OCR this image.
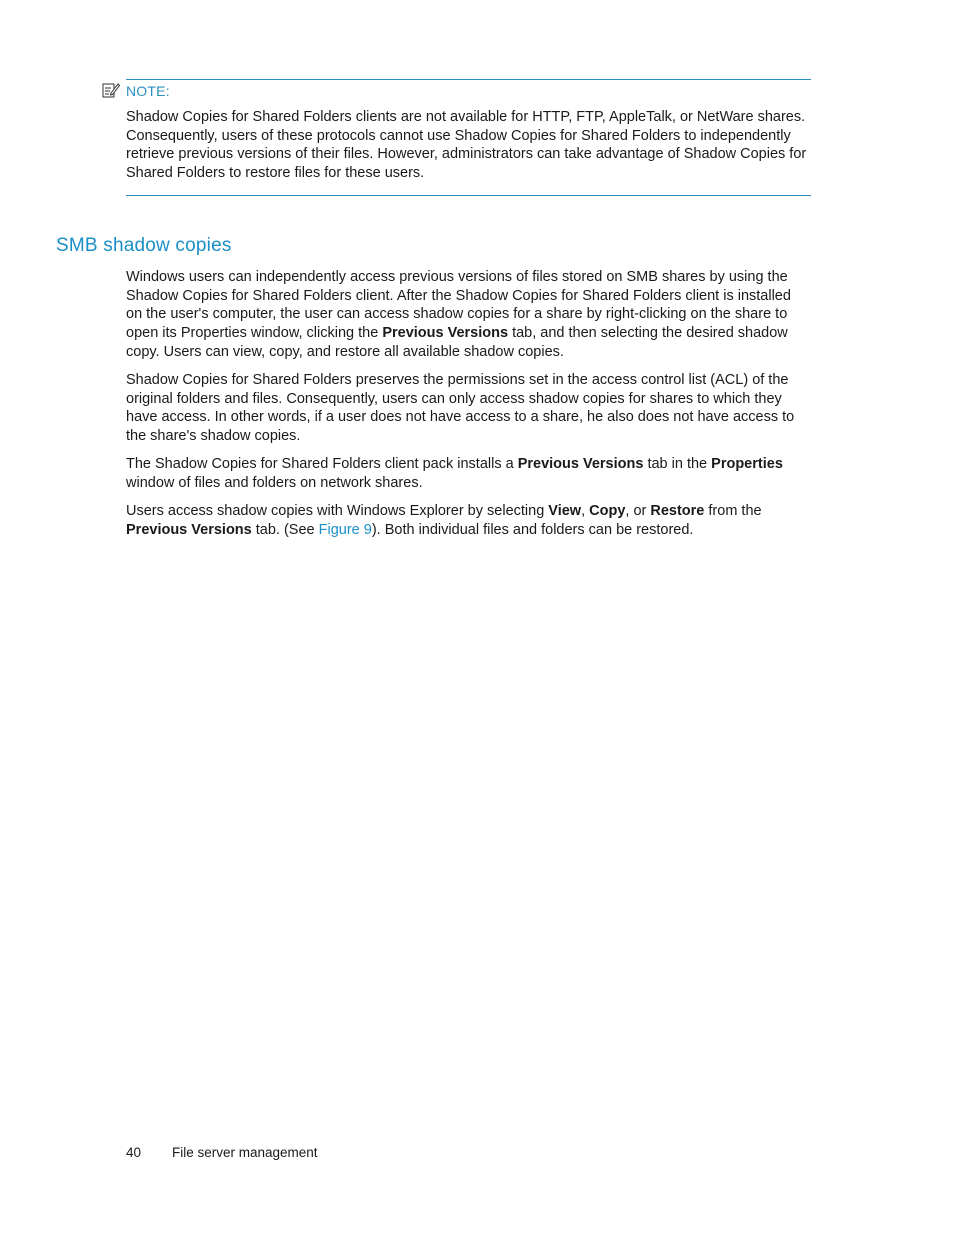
NOTE:
Shadow Copies for Shared Folders clients are not available for HTTP, FTP, AppleTalk, or NetWare shares. Consequently, users of these protocols cannot use Shadow Copies for Shared Folders to independently retrieve previous versions of their files. However, administrators can take advantage of Shadow Copies for Shared Folders to restore files for these users.
SMB shadow copies

Windows users can independently access previous versions of files stored on SMB shares by using the Shadow Copies for Shared Folders client. After the Shadow Copies for Shared Folders client is installed on the user's computer, the user can access shadow copies for a share by right-clicking on the share to open its Properties window, clicking the Previous Versions tab, and then selecting the desired shadow copy. Users can view, copy, and restore all available shadow copies.

Shadow Copies for Shared Folders preserves the permissions set in the access control list (ACL) of the original folders and files. Consequently, users can only access shadow copies for shares to which they have access. In other words, if a user does not have access to a share, he also does not have access to the share's shadow copies.

The Shadow Copies for Shared Folders client pack installs a Previous Versions tab in the Properties window of files and folders on network shares.

Users access shadow copies with Windows Explorer by selecting View, Copy, or Restore from the Previous Versions tab. (See Figure 9). Both individual files and folders can be restored.

40 File server management
